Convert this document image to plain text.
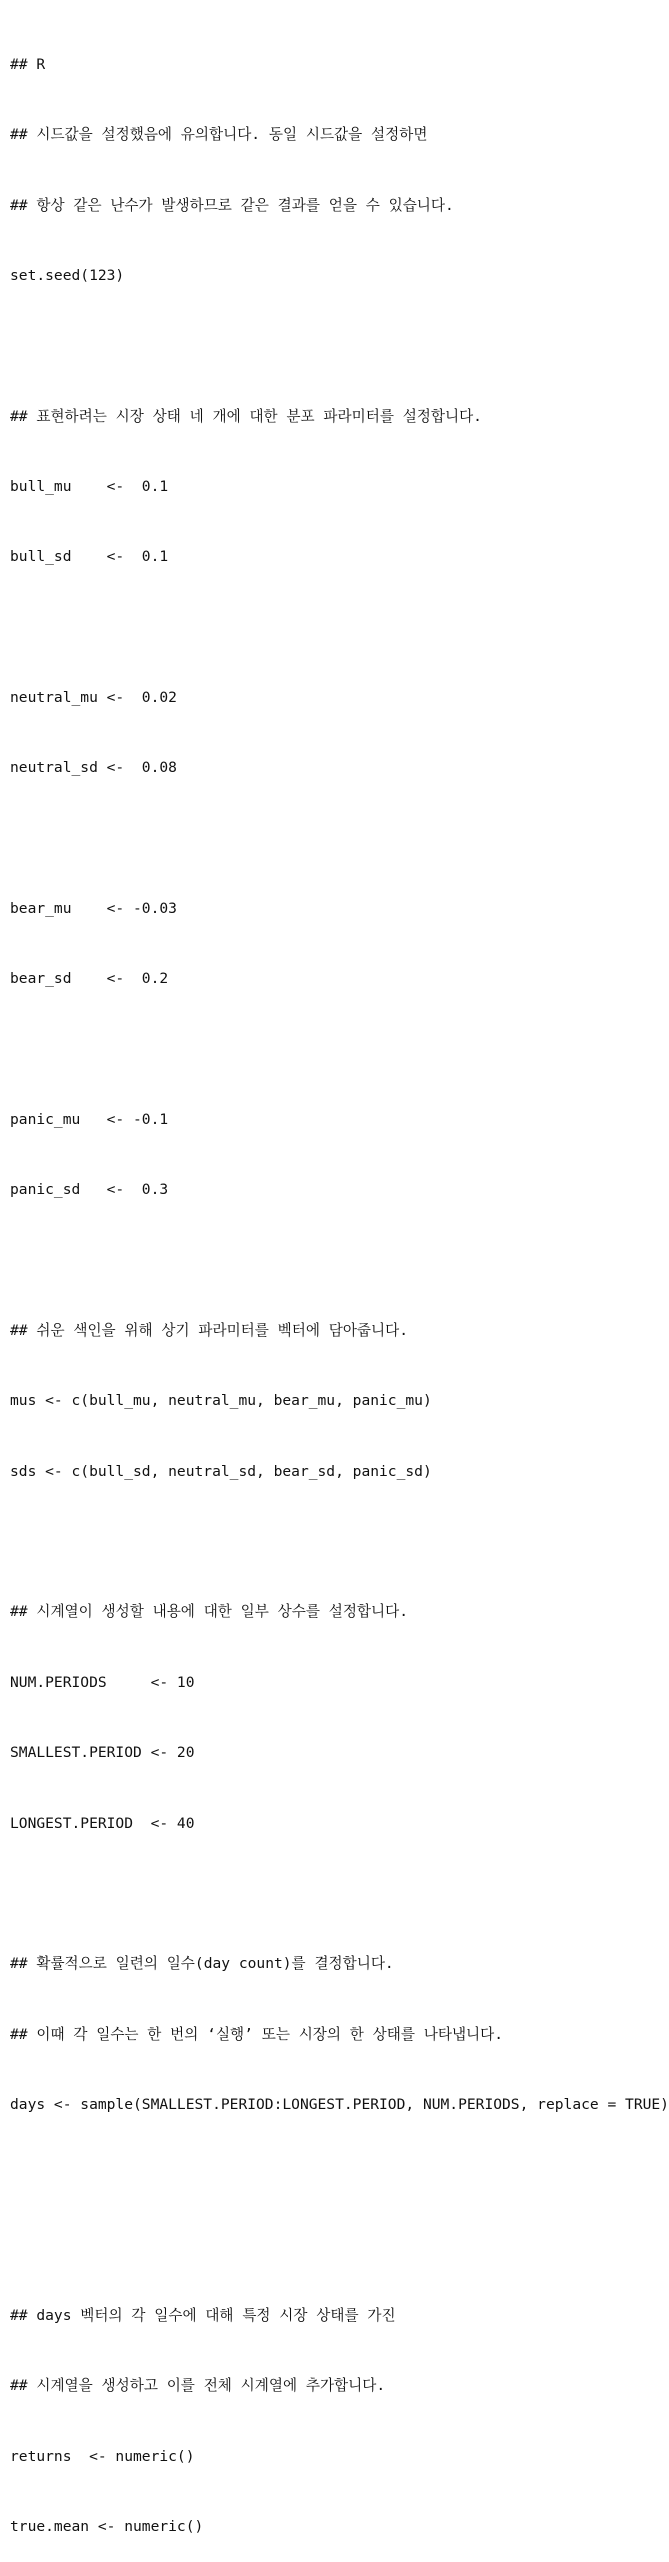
## R

## 시드값을 설정했음에 유의합니다. 동일 시드값을 설정하면

## 항상 같은 난수가 발생하므로 같은 결과를 얻을 수 있습니다.

set.seed(123)

## 표현하려는 시장 상태 네 개에 대한 분포 파라미터를 설정합니다.

bull_mu    <-  0.1

bull_sd    <-  0.1

neutral_mu <-  0.02

neutral_sd <-  0.08

bear_mu    <- -0.03

bear_sd    <-  0.2

panic_mu   <- -0.1

panic_sd   <-  0.3

## 쉬운 색인을 위해 상기 파라미터를 벡터에 담아줍니다.

mus <- c(bull_mu, neutral_mu, bear_mu, panic_mu)

sds <- c(bull_sd, neutral_sd, bear_sd, panic_sd)

## 시계열이 생성할 내용에 대한 일부 상수를 설정합니다.

NUM.PERIODS     <- 10

SMALLEST.PERIOD <- 20

LONGEST.PERIOD  <- 40

## 확률적으로 일련의 일수(day count)를 결정합니다.

## 이때 각 일수는 한 번의 ‘실행’ 또는 시장의 한 상태를 나타냅니다.

days <- sample(SMALLEST.PERIOD:LONGEST.PERIOD, NUM.PERIODS, replace = TRUE)

## days 벡터의 각 일수에 대해 특정 시장 상태를 가진

## 시계열을 생성하고 이를 전체 시계열에 추가합니다.

returns  <- numeric()

true.mean <- numeric()
